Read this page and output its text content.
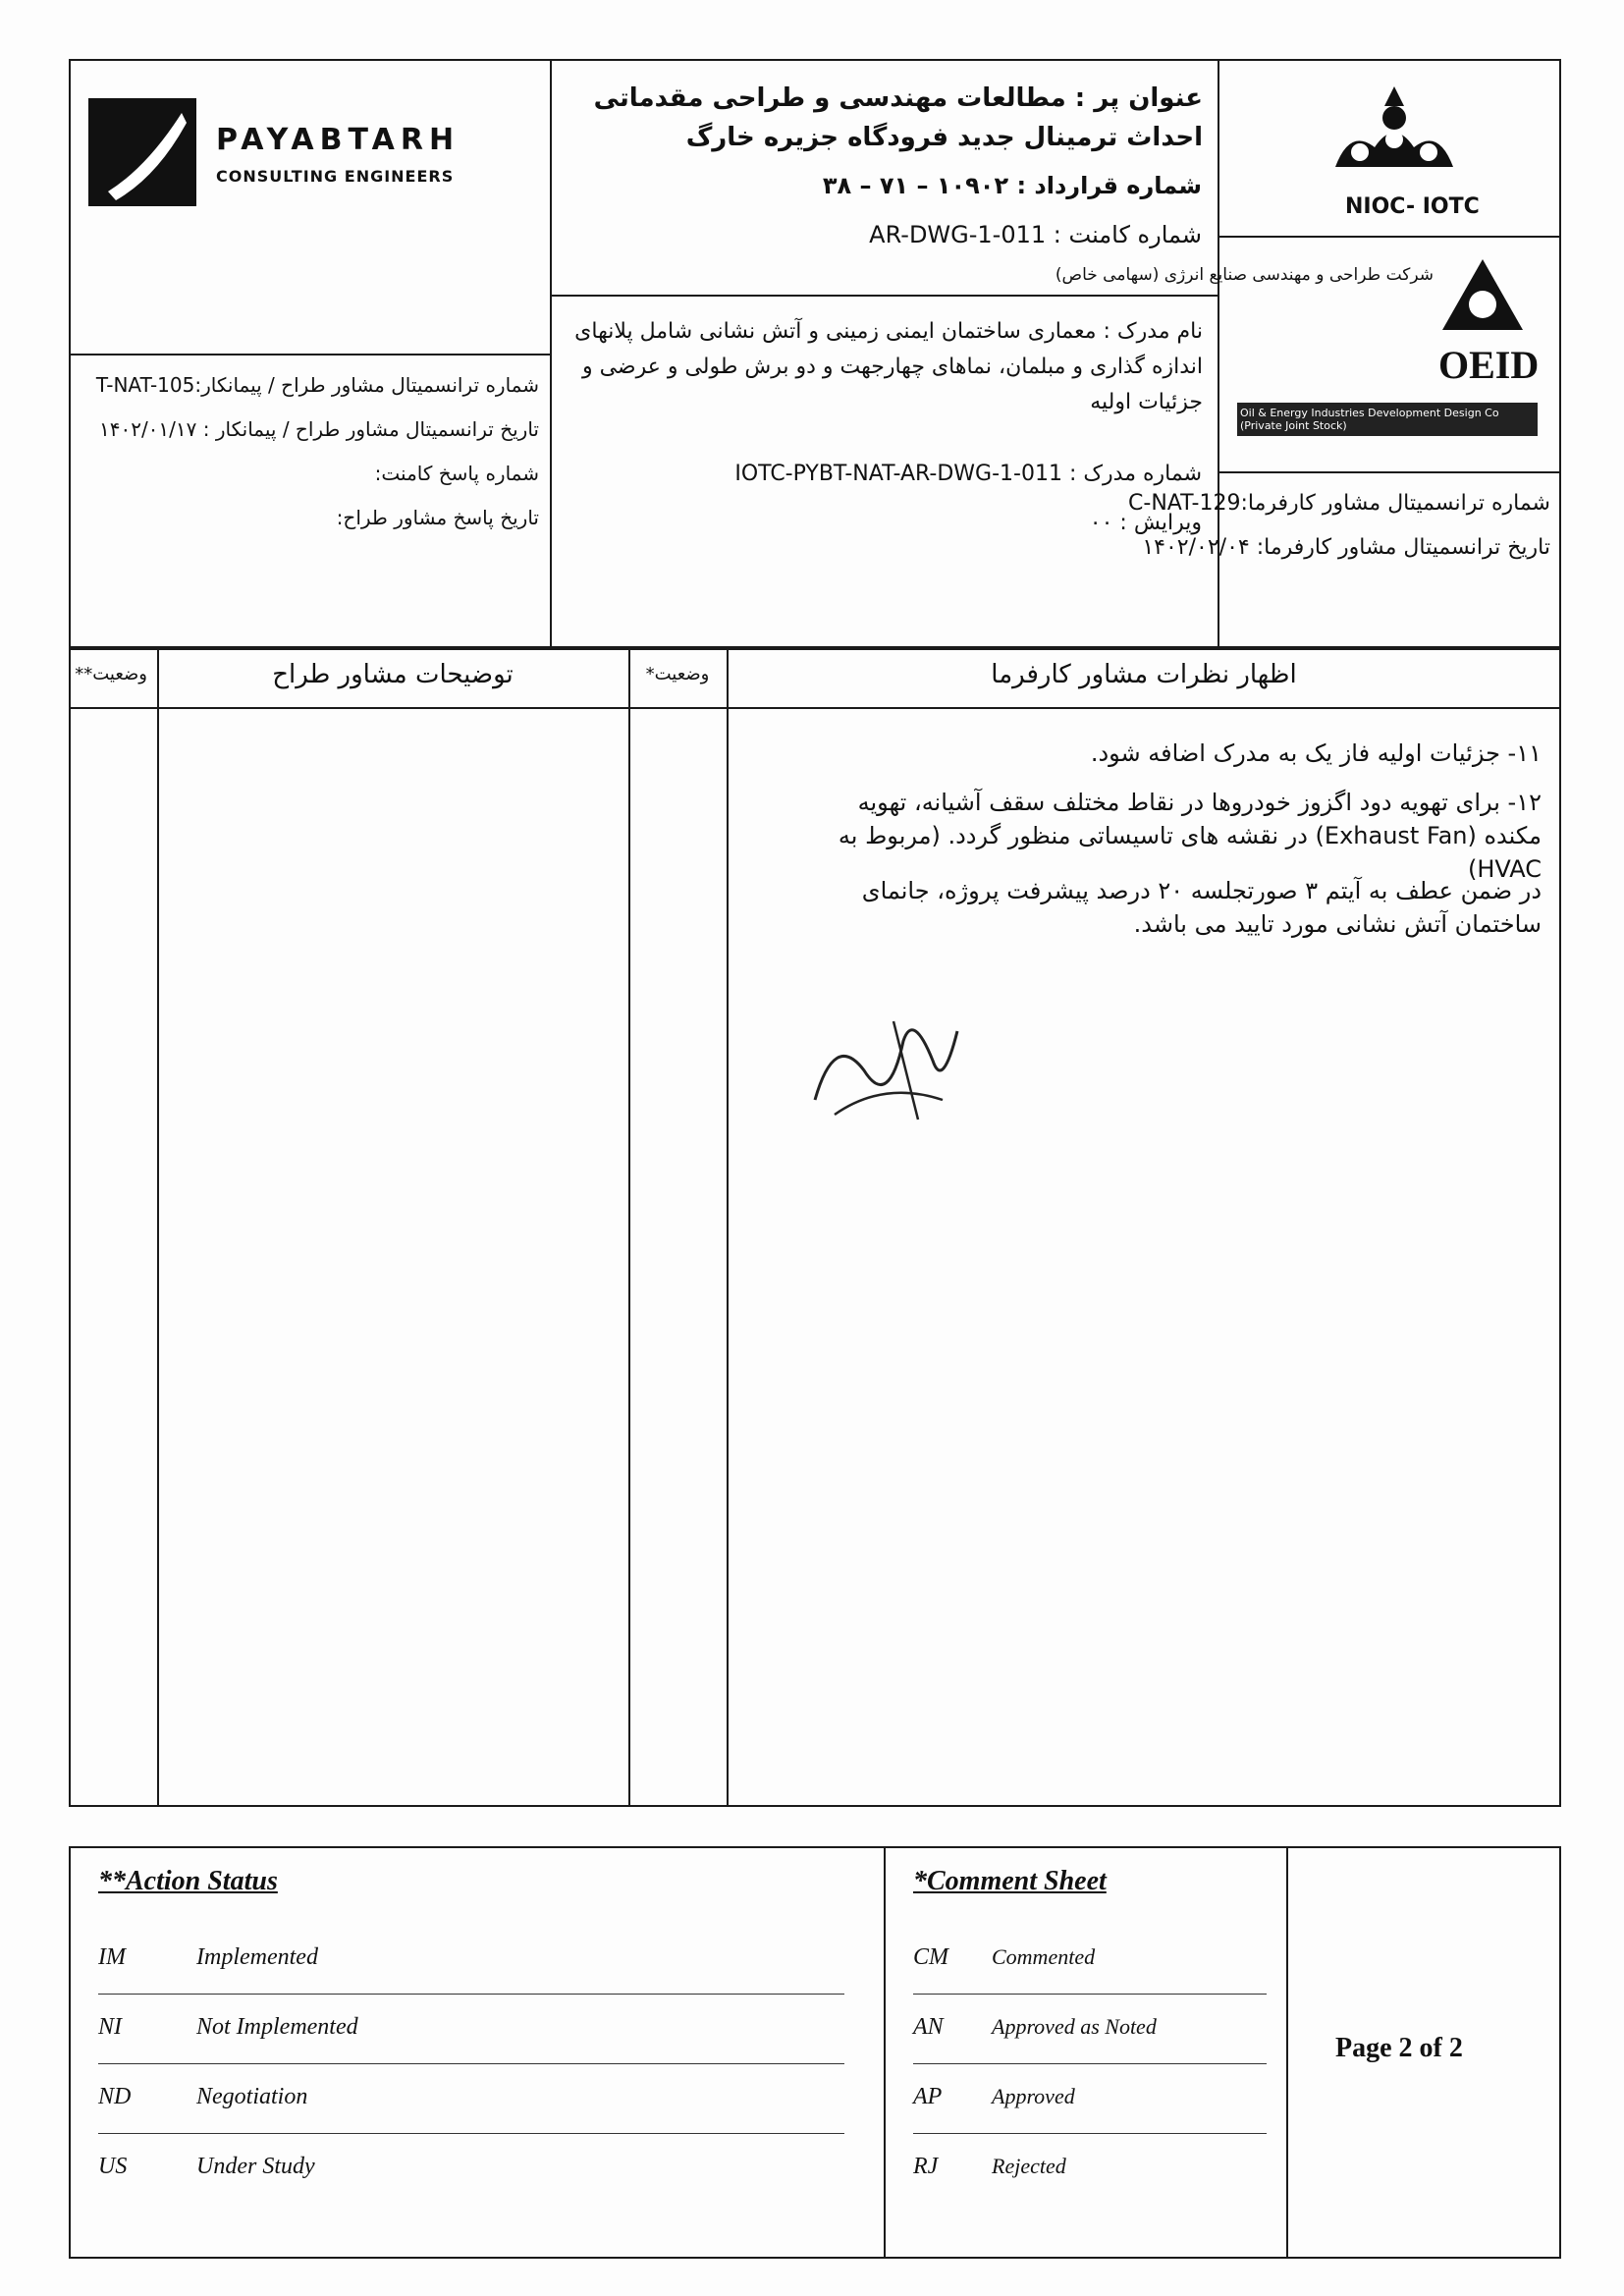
NIOC- IOTC
OEID
شرکت طراحی و مهندسی صنایع انرژی (سهامی خاص)
Oil & Energy Industries Development Design Co (Private Joint Stock)
شماره ترانسمیتال مشاور کارفرما:C-NAT-129
تاریخ ترانسمیتال مشاور کارفرما: ۱۴۰۲/۰۲/۰۴
عنوان پر : مطالعات مهندسی و طراحی مقدماتی احداث ترمینال جدید فرودگاه جزیره خارگ
شماره قرارداد : ۱۰۹۰۲ – ۷۱ – ۳۸
شماره کامنت : AR-DWG-1-011
نام مدرک : معماری ساختمان ایمنی زمینی و آتش نشانی شامل پلانهای اندازه گذاری و مبلمان، نماهای چهارجهت و دو برش طولی و عرضی و جزئیات اولیه
شماره مدرک : IOTC-PYBT-NAT-AR-DWG-1-011
ویرایش : ۰۰
PAYABTARH
CONSULTING ENGINEERS
شماره ترانسمیتال مشاور طراح / پیمانکار:T-NAT-105
تاریخ ترانسمیتال مشاور طراح / پیمانکار : ۱۴۰۲/۰۱/۱۷
شماره پاسخ کامنت:
تاریخ پاسخ مشاور طراح:
وضعیت**	توضیحات مشاور طراح	وضعیت*	اظهار نظرات مشاور کارفرما
۱۱- جزئیات اولیه فاز یک به مدرک اضافه شود.
۱۲- برای تهویه دود اگزوز خودروها در نقاط مختلف سقف آشیانه، تهویه مکنده (Exhaust Fan) در نقشه های تاسیساتی منظور گردد. (مربوط به HVAC)
در ضمن عطف به آیتم ۳ صورتجلسه ۲۰ درصد پیشرفت پروژه، جانمای ساختمان آتش نشانی مورد تایید می باشد.
**Action Status
IM	Implemented
NI	Not Implemented
ND	Negotiation
US	Under Study
*Comment Sheet
CM Commented
AN Approved as Noted
AP Approved
RJ Rejected
Page 2 of 2
